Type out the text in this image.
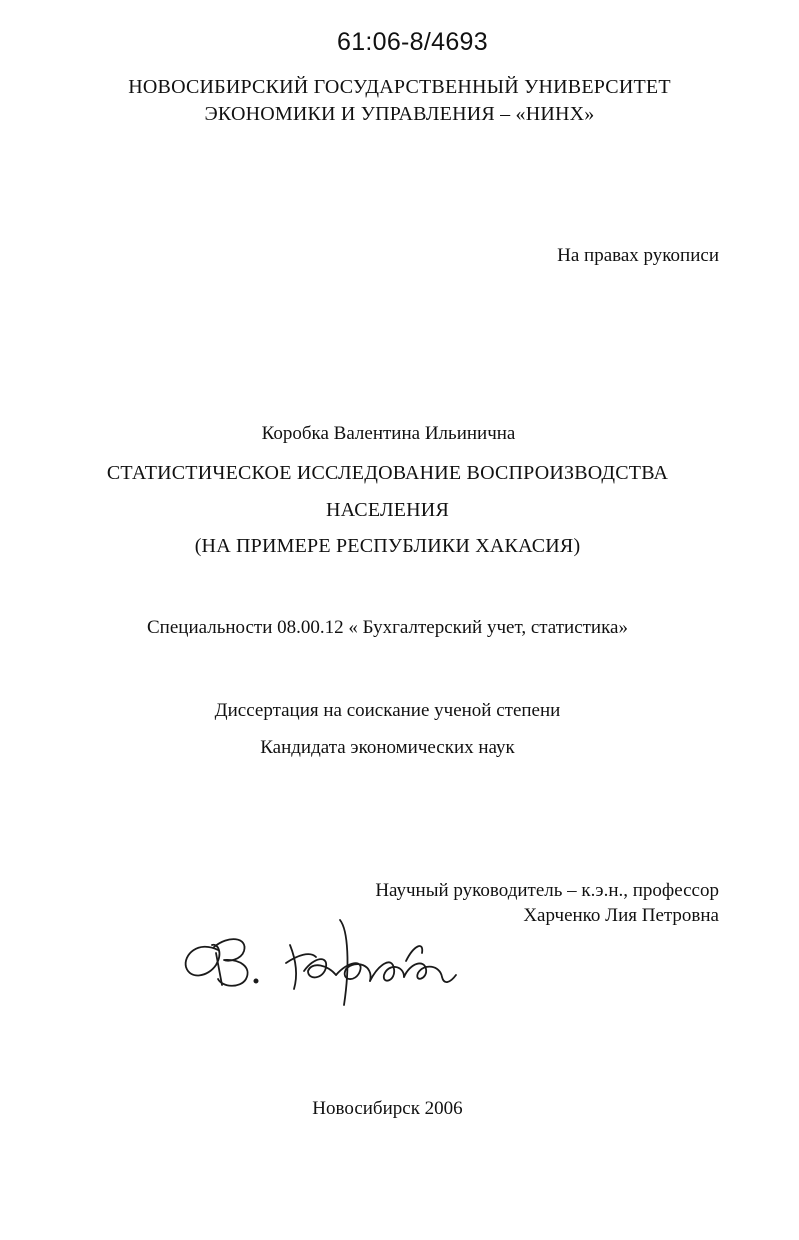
61:06-8/4693
НОВОСИБИРСКИЙ ГОСУДАРСТВЕННЫЙ УНИВЕРСИТЕТ
ЭКОНОМИКИ И УПРАВЛЕНИЯ – «НИНХ»
На правах рукописи
Коробка Валентина Ильинична
СТАТИСТИЧЕСКОЕ ИССЛЕДОВАНИЕ ВОСПРОИЗВОДСТВА
НАСЕЛЕНИЯ
(НА ПРИМЕРЕ РЕСПУБЛИКИ ХАКАСИЯ)
Специальности 08.00.12 « Бухгалтерский учет, статистика»
Диссертация на соискание ученой степени
Кандидата экономических наук
Научный руководитель – к.э.н., профессор
Харченко Лия Петровна
Новосибирск 2006
